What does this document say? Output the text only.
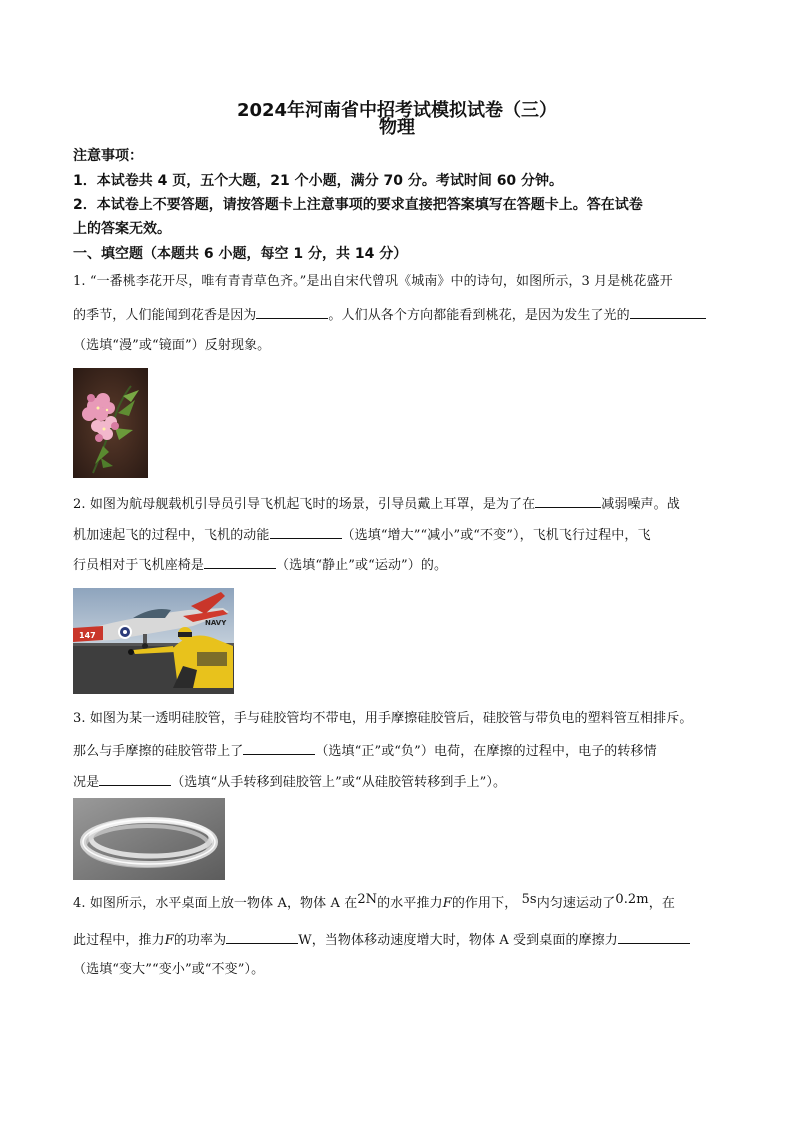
2024年河南省中招考试模拟试卷（三）
物理
注意事项：
1．本试卷共 4 页，五个大题，21 个小题，满分 70 分。考试时间 60 分钟。
2．本试卷上不要答题，请按答题卡上注意事项的要求直接把答案填写在答题卡上。答在试卷
上的答案无效。
一、填空题（本题共 6 小题，每空 1 分，共 14 分）
1. “一番桃李花开尽，唯有青青草色齐。”是出自宋代曾巩《城南》中的诗句，如图所示，3 月是桃花盛开
的季节，人们能闻到花香是因为	。人们从各个方向都能看到桃花，是因为发生了光的
（选填“漫”或“镜面”）反射现象。
2. 如图为航母舰载机引导员引导飞机起飞时的场景，引导员戴上耳罩，是为了在	减弱噪声。战
机加速起飞的过程中，飞机的动能	（选填“增大”“减小”或“不变”），飞机飞行过程中，飞
行员相对于飞机座椅是	（选填“静止”或“运动”）的。
NAVY
147
3. 如图为某一透明硅胶管，手与硅胶管均不带电，用手摩擦硅胶管后，硅胶管与带负电的塑料管互相排斥。
那么与手摩擦的硅胶管带上了	（选填“正”或“负”）电荷，在摩擦的过程中，电子的转移情
况是	（选填“从手转移到硅胶管上”或“从硅胶管转移到手上”）。
4. 如图所示，水平桌面上放一物体 A，物体 A 在2N的水平推力F的作用下， 5s内匀速运动了0.2m，在
此过程中，推力F的功率为	W，当物体移动速度增大时，物体 A 受到桌面的摩擦力
（选填“变大”“变小”或“不变”）。
